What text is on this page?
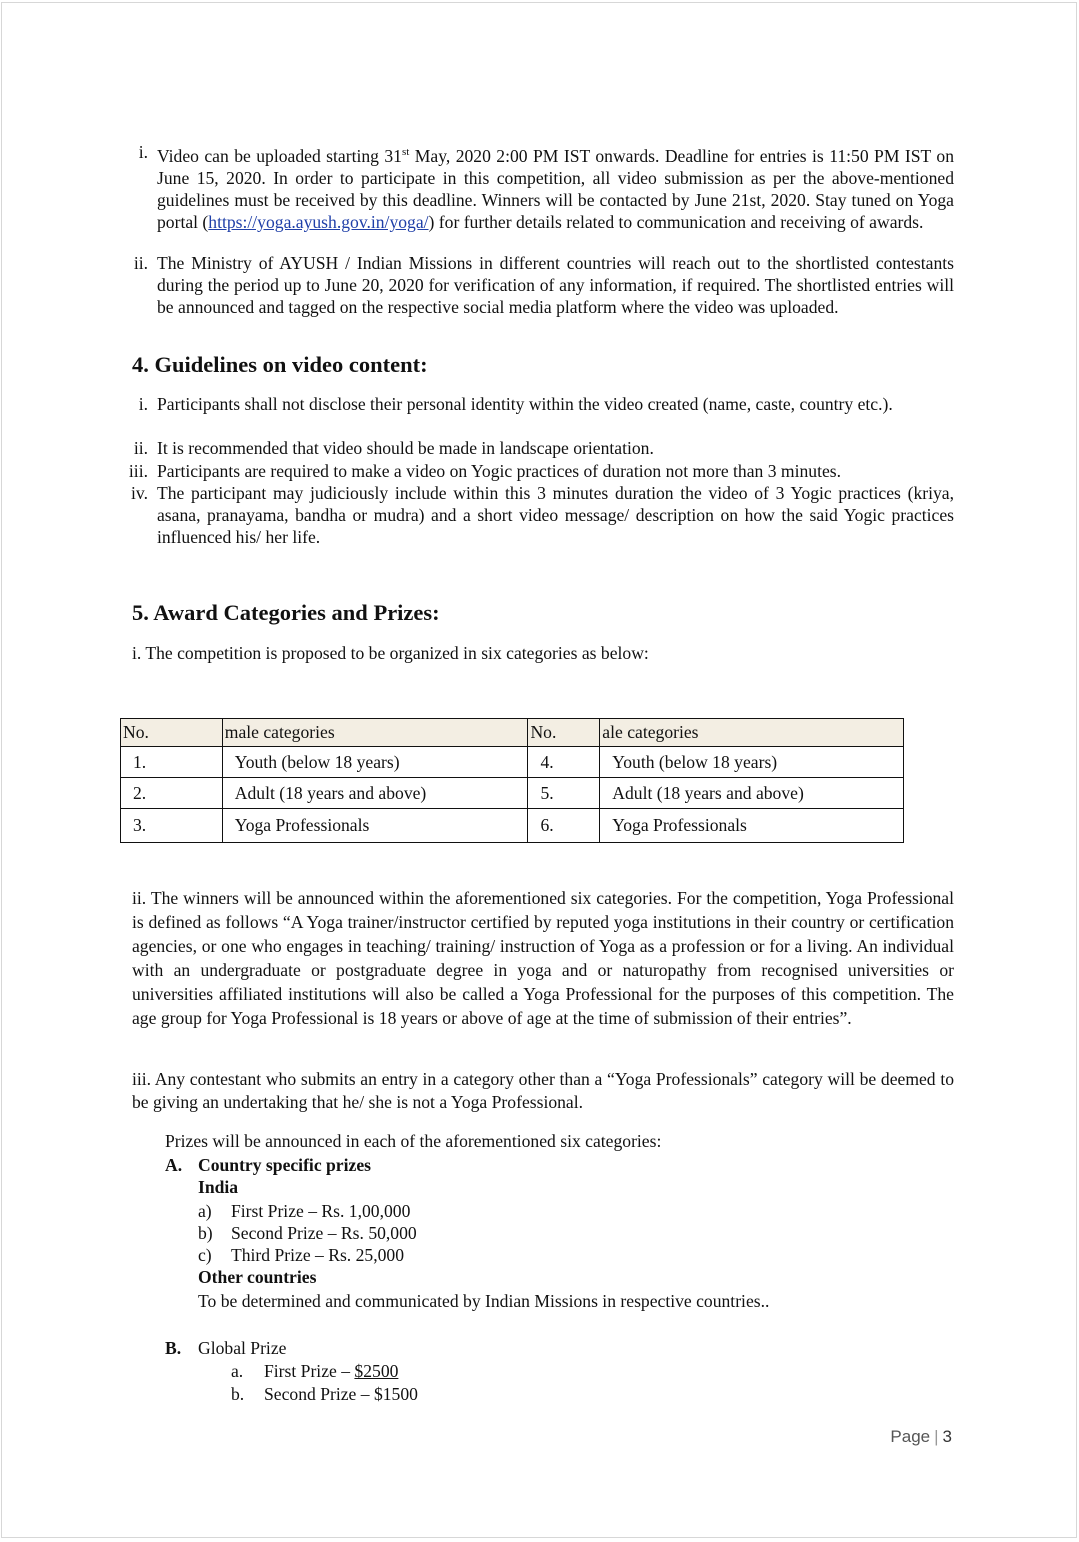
i. Video can be uploaded starting 31st May, 2020 2:00 PM IST onwards. Deadline for entries is 11:50 PM IST on June 15, 2020. In order to participate in this competition, all video submission as per the above-mentioned guidelines must be received by this deadline. Winners will be contacted by June 21st, 2020. Stay tuned on Yoga portal (https://yoga.ayush.gov.in/yoga/) for further details related to communication and receiving of awards.
ii. The Ministry of AYUSH / Indian Missions in different countries will reach out to the shortlisted contestants during the period up to June 20, 2020 for verification of any information, if required. The shortlisted entries will be announced and tagged on the respective social media platform where the video was uploaded.
4. Guidelines on video content:
i. Participants shall not disclose their personal identity within the video created (name, caste, country etc.).
ii. It is recommended that video should be made in landscape orientation.
iii. Participants are required to make a video on Yogic practices of duration not more than 3 minutes.
iv. The participant may judiciously include within this 3 minutes duration the video of 3 Yogic practices (kriya, asana, pranayama, bandha or mudra) and a short video message/ description on how the said Yogic practices influenced his/ her life.
5. Award Categories and Prizes:
i. The competition is proposed to be organized in six categories as below:
No.	male categories	No.	ale categories
1.	Youth (below 18 years)	4.	Youth (below 18 years)
2.	Adult (18 years and above)	5.	Adult (18 years and above)
3.	Yoga Professionals	6.	Yoga Professionals
ii. The winners will be announced within the aforementioned six categories. For the competition, Yoga Professional is defined as follows “A Yoga trainer/instructor certified by reputed yoga institutions in their country or certification agencies, or one who engages in teaching/ training/ instruction of Yoga as a profession or for a living. An individual with an undergraduate or postgraduate degree in yoga and or naturopathy from recognised universities or universities affiliated institutions will also be called a Yoga Professional for the purposes of this competition. The age group for Yoga Professional is 18 years or above of age at the time of submission of their entries”.
iii. Any contestant who submits an entry in a category other than a “Yoga Professionals” category will be deemed to be giving an undertaking that he/ she is not a Yoga Professional.
Prizes will be announced in each of the aforementioned six categories:
A. Country specific prizes
India
a) First Prize – Rs. 1,00,000
b) Second Prize – Rs. 50,000
c) Third Prize – Rs. 25,000
Other countries
To be determined and communicated by Indian Missions in respective countries..
B. Global Prize
a. First Prize – $2500
b. Second Prize – $1500
Page | 3
